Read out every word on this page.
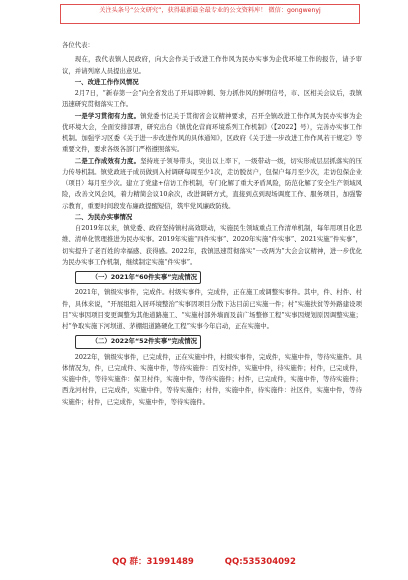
关注头条号“公文研究”，获得最新最全最专业的公文资料库！ 微信：gongwenyj

各位代表：

现在，我代表镇人民政府，向大会作关于改进工作作风为民办实事为企优环境工作的报告，请予审议，并请列席人员提出意见。

一、改进工作作风情况

2月7日，“新春第一会”向全省发出了开局即冲刺、努力抓作风的鲜明信号，市、区相关会议后，我镇迅速研究贯彻落实工作。

一是学习贯彻有力度。镇党委书记关于贯彻省会议精神要求，召开全镇改进工作作风为民办实事为企优环境大会，全面安排部署，研究出台《镇优化营商环境系列工作机制》（【2022】号），完善办实事工作机制。加强学习区委《关于进一步改进作风的具体通知》，区政府《关于进一步改进工作作风若干规定》等重要文件，要求各级各部门严格遵照落实。

二是工作成效有力度。坚持班子领导带头，突出以上率下，一级带动一级，切实形成层层抓落实的压力传导机制。镇党政班子成员做到入村调研每周至少1次，走访脱贫户，包保户每月至少次，走访包保企业（项目）每月至少次。建立了党建+信访工作机制，专门化解了重大矛盾风险，防范化解了安全生产领域风险，改善文风会风，着力精简会议10余次，改进调研方式，直接到点到现场调度工作、服务项目，加强警示教育，重要时间段发布廉政提醒短信，筑牢党风廉政防线。

二、为民办实事情况

自2019年以来，镇党委、政府坚持镇村高效联动，实施民生领域重点工作清单机制，每年用项目化思维、清单化管理推进为民办实事。2019年实施“四件实事”、2020年实施“件实事”、2021实施“件实事”，切实提升了老百姓的幸福感、获得感。2022年，我镇迅速贯彻落实“一改两为”大会会议精神，进一步优化为民办实事工作机制，继续制定实施“件实事”。

（一）2021年“60件实事”完成情况

2021年，镇级实事件，完成件。村级实事件，完成件，正在施工或调整实事件。其中，件、村件、村件，具体来说，“开展组组入居环境整治”实事因项目分散下达目前已实施一件；村“实施扶贫等外路建设项目”实事因项目变更调整为其他道路施工、“实施村部外墙面及前广场整修工程”实事因规划原因调整实施；村“争取实施下河坝道、茅棚组道路硬化工程”实事今年启动，正在实施中。

（二）2022年“52件实事”完成情况

2022年，镇级实事件，已完成件，正在实施中件，村级实事件，完成件，实施中件，等待实施件。具体情况为，件，已完成件、实施中件，等待实施件：百安村件，实施中件，待实施件；村件，已完成件，实施中件，等待实施件：保卫村件，实施中件，等待实施件；村件，已完成件，实施中件，等待实施件；西龙河村件，已完成件，实施中件，等待实施件；村件，实施中件，待实施件：社区件，实施中件，等待实施件；村件，已完成件，实施中件，等待实施件。

QQ 群：31991489	QQ:535304092
